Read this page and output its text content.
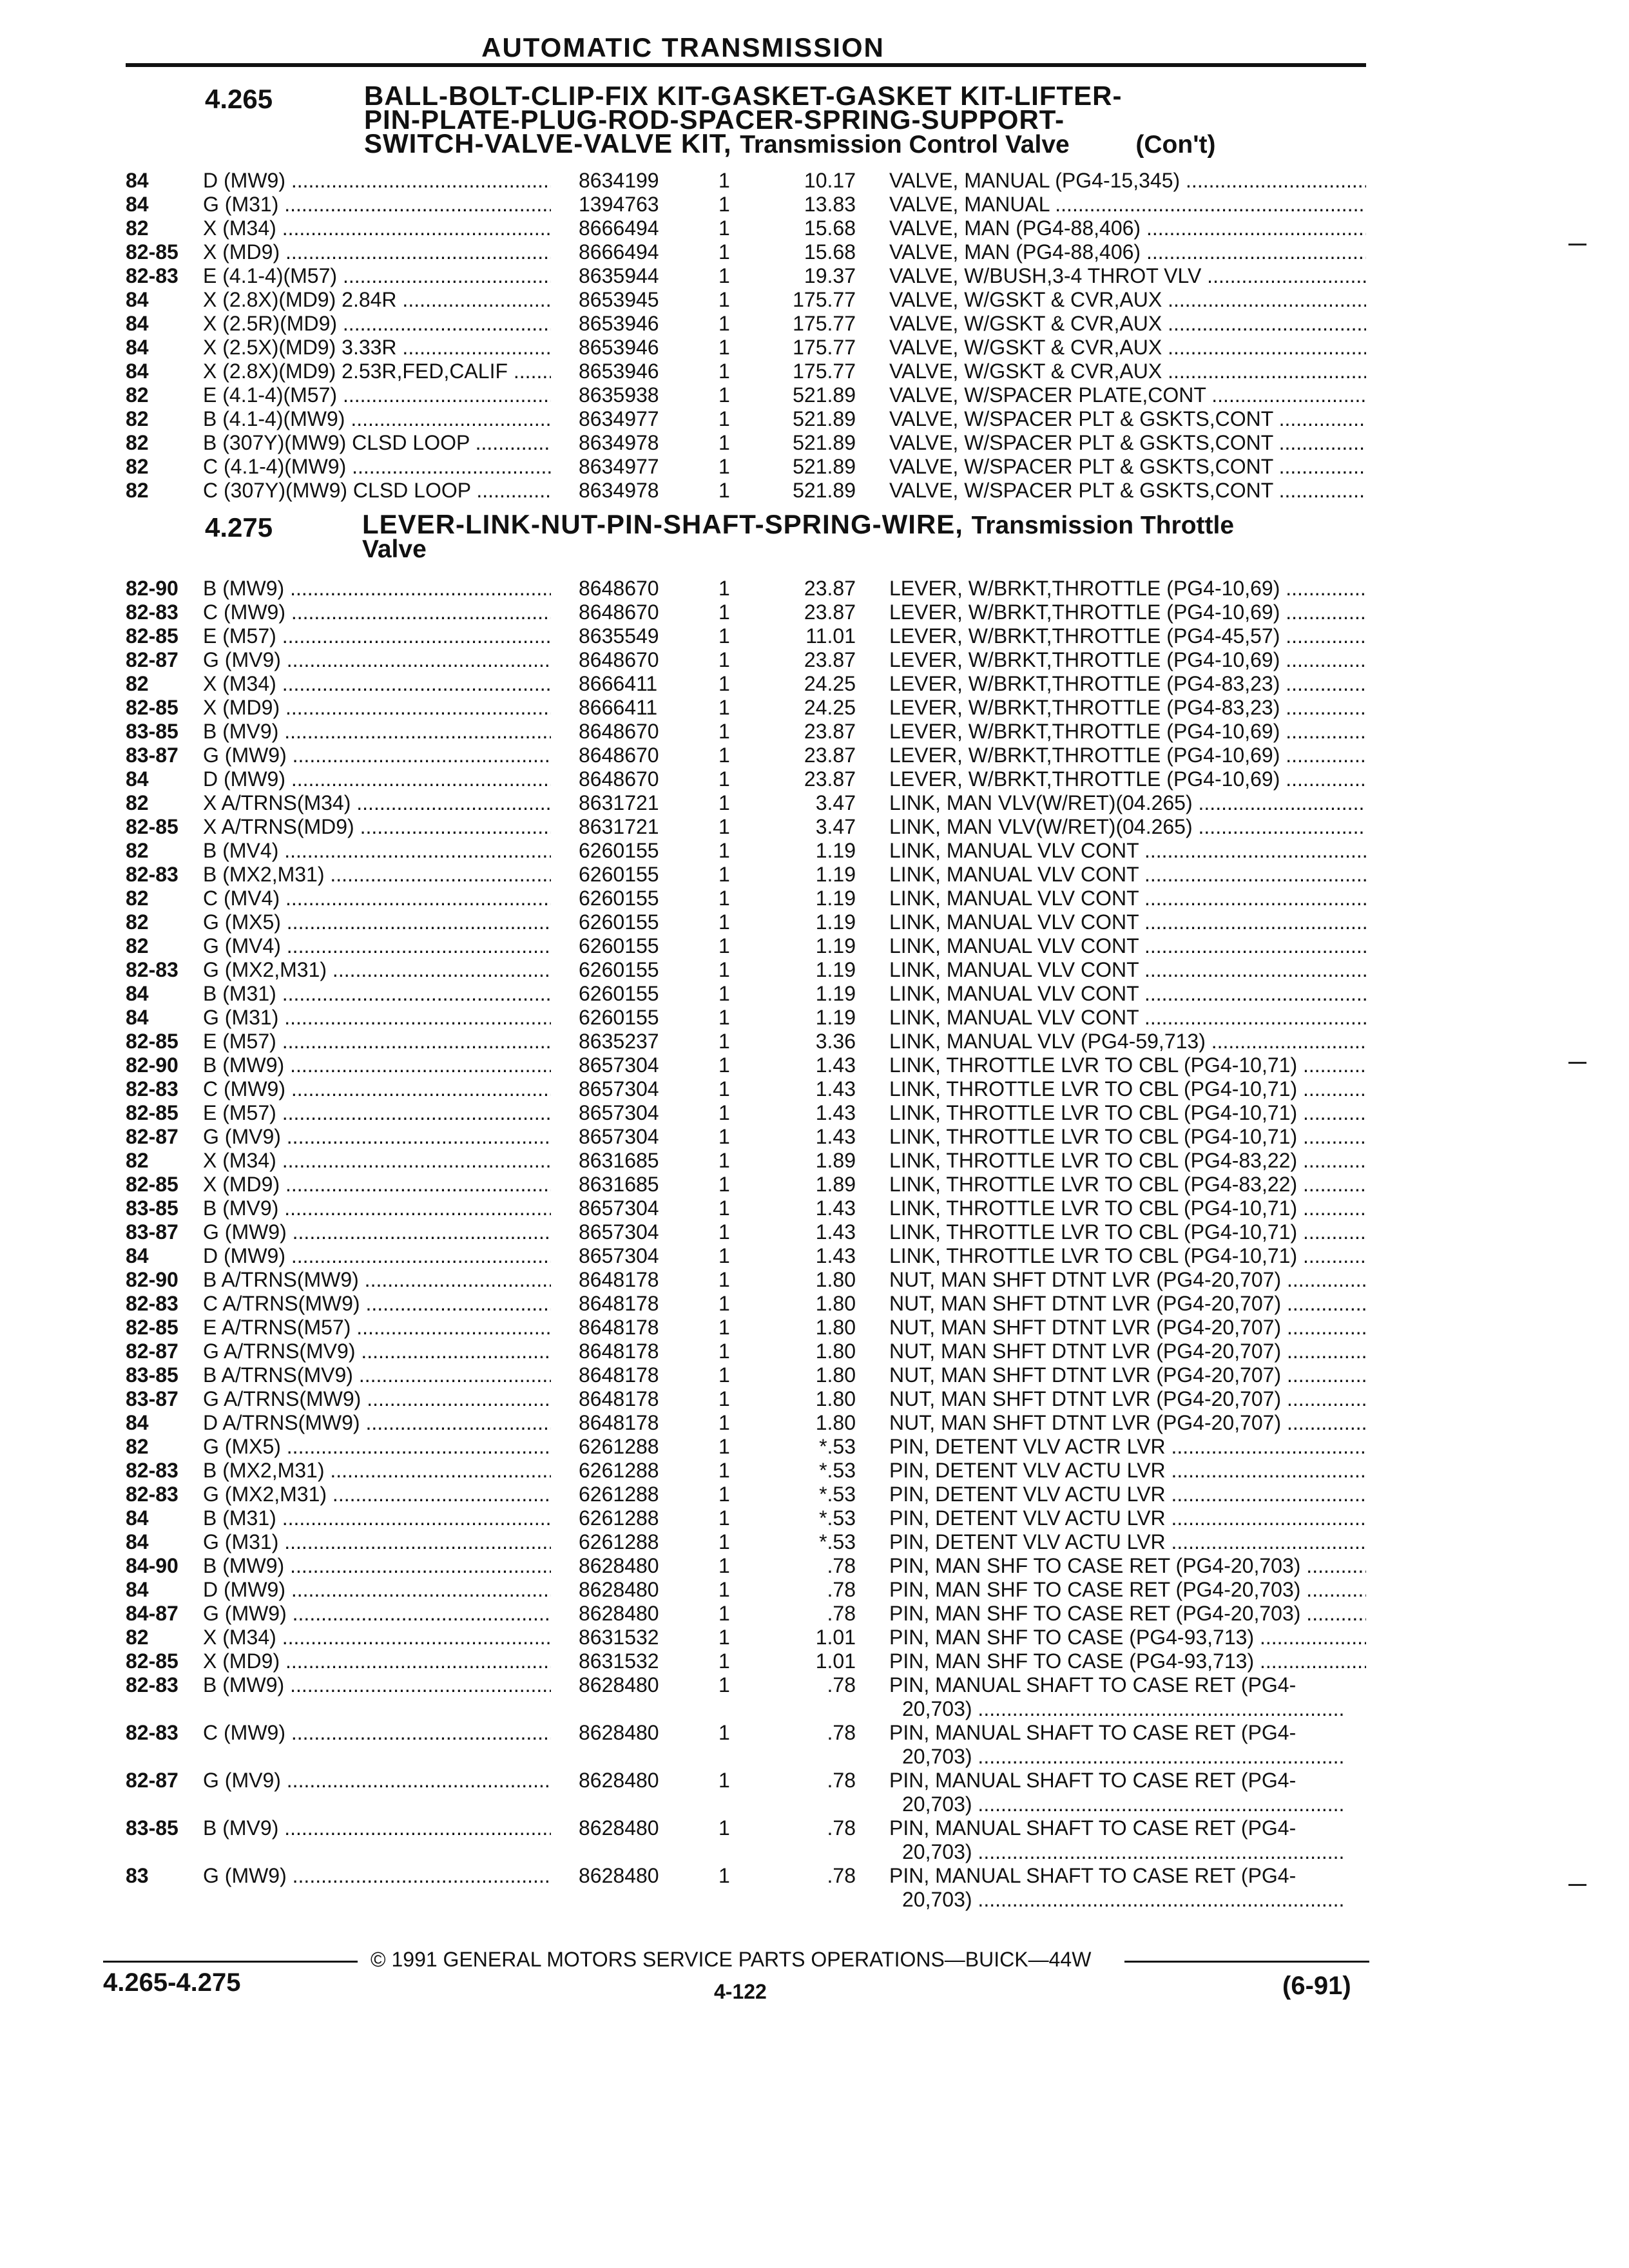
AUTOMATIC TRANSMISSION
4.265	BALL-BOLT-CLIP-FIX KIT-GASKET-GASKET KIT-LIFTER-
PIN-PLATE-PLUG-ROD-SPACER-SPRING-SUPPORT-
SWITCH-VALVE-VALVE KIT, Transmission Control Valve	(Con't)
84	D (MW9) .....	8634199	1	10.17 VALVE, MANUAL (PG4-15,345) .....
84	G (M31) .....	1394763	1	13.83 VALVE, MANUAL .....
82	X (M34) .....	8666494	1	15.68 VALVE, MAN (PG4-88,406) .....
82-85 X (MD9) .....	8666494	1	15.68 VALVE, MAN (PG4-88,406) .....
82-83 E (4.1-4)(M57) .....	8635944	1	19.37 VALVE, W/BUSH,3-4 THROT VLV .....
84	X (2.8X)(MD9) 2.84R .....	8653945	1	175.77 VALVE, W/GSKT & CVR,AUX .....
84	X (2.5R)(MD9) .....	8653946	1	175.77 VALVE, W/GSKT & CVR,AUX .....
84	X (2.5X)(MD9) 3.33R .....	8653946	1	175.77 VALVE, W/GSKT & CVR,AUX .....
84	X (2.8X)(MD9) 2.53R,FED,CALIF .....	8653946	1	175.77 VALVE, W/GSKT & CVR,AUX .....
82	E (4.1-4)(M57) .....	8635938	1	521.89 VALVE, W/SPACER PLATE,CONT .....
82	B (4.1-4)(MW9) .....	8634977	1	521.89 VALVE, W/SPACER PLT & GSKTS,CONT .....
82	B (307Y)(MW9) CLSD LOOP .....	8634978	1	521.89 VALVE, W/SPACER PLT & GSKTS,CONT .....
82	C (4.1-4)(MW9) .....	8634977	1	521.89 VALVE, W/SPACER PLT & GSKTS,CONT .....
82	C (307Y)(MW9) CLSD LOOP .....	8634978	1	521.89 VALVE, W/SPACER PLT & GSKTS,CONT .....
4.275	LEVER-LINK-NUT-PIN-SHAFT-SPRING-WIRE, Transmission Throttle
Valve
82-90 B (MW9) .....	8648670	1	23.87 LEVER, W/BRKT,THROTTLE (PG4-10,69) .....
82-83 C (MW9) .....	8648670	1	23.87 LEVER, W/BRKT,THROTTLE (PG4-10,69) .....
82-85 E (M57) .....	8635549	1	11.01 LEVER, W/BRKT,THROTTLE (PG4-45,57) .....
82-87 G (MV9) .....	8648670	1	23.87 LEVER, W/BRKT,THROTTLE (PG4-10,69) .....
82	X (M34) .....	8666411	1	24.25 LEVER, W/BRKT,THROTTLE (PG4-83,23) .....
82-85 X (MD9) .....	8666411	1	24.25 LEVER, W/BRKT,THROTTLE (PG4-83,23) .....
83-85 B (MV9) .....	8648670	1	23.87 LEVER, W/BRKT,THROTTLE (PG4-10,69) .....
83-87 G (MW9) .....	8648670	1	23.87 LEVER, W/BRKT,THROTTLE (PG4-10,69) .....
84	D (MW9) .....	8648670	1	23.87 LEVER, W/BRKT,THROTTLE (PG4-10,69) .....
82	X A/TRNS(M34) .....	8631721	1	3.47 LINK, MAN VLV(W/RET)(04.265) .....
82-85 X A/TRNS(MD9) .....	8631721	1	3.47 LINK, MAN VLV(W/RET)(04.265) .....
82	B (MV4) .....	6260155	1	1.19 LINK, MANUAL VLV CONT .....
82-83 B (MX2,M31) .....	6260155	1	1.19 LINK, MANUAL VLV CONT .....
82	C (MV4) .....	6260155	1	1.19 LINK, MANUAL VLV CONT .....
82	G (MX5) .....	6260155	1	1.19 LINK, MANUAL VLV CONT .....
82	G (MV4) .....	6260155	1	1.19 LINK, MANUAL VLV CONT .....
82-83 G (MX2,M31) .....	6260155	1	1.19 LINK, MANUAL VLV CONT .....
84	B (M31) .....	6260155	1	1.19 LINK, MANUAL VLV CONT .....
84	G (M31) .....	6260155	1	1.19 LINK, MANUAL VLV CONT .....
82-85 E (M57) .....	8635237	1	3.36 LINK, MANUAL VLV (PG4-59,713) .....
82-90 B (MW9) .....	8657304	1	1.43 LINK, THROTTLE LVR TO CBL (PG4-10,71) .....
82-83 C (MW9) .....	8657304	1	1.43 LINK, THROTTLE LVR TO CBL (PG4-10,71) .....
82-85 E (M57) .....	8657304	1	1.43 LINK, THROTTLE LVR TO CBL (PG4-10,71) .....
82-87 G (MV9) .....	8657304	1	1.43 LINK, THROTTLE LVR TO CBL (PG4-10,71) .....
82	X (M34) .....	8631685	1	1.89 LINK, THROTTLE LVR TO CBL (PG4-83,22) .....
82-85 X (MD9) .....	8631685	1	1.89 LINK, THROTTLE LVR TO CBL (PG4-83,22) .....
83-85 B (MV9) .....	8657304	1	1.43 LINK, THROTTLE LVR TO CBL (PG4-10,71) .....
83-87 G (MW9) .....	8657304	1	1.43 LINK, THROTTLE LVR TO CBL (PG4-10,71) .....
84	D (MW9) .....	8657304	1	1.43 LINK, THROTTLE LVR TO CBL (PG4-10,71) .....
82-90 B A/TRNS(MW9) .....	8648178	1	1.80 NUT, MAN SHFT DTNT LVR (PG4-20,707) .....
82-83 C A/TRNS(MW9) .....	8648178	1	1.80 NUT, MAN SHFT DTNT LVR (PG4-20,707) .....
82-85 E A/TRNS(M57) .....	8648178	1	1.80 NUT, MAN SHFT DTNT LVR (PG4-20,707) .....
82-87 G A/TRNS(MV9) .....	8648178	1	1.80 NUT, MAN SHFT DTNT LVR (PG4-20,707) .....
83-85 B A/TRNS(MV9) .....	8648178	1	1.80 NUT, MAN SHFT DTNT LVR (PG4-20,707) .....
83-87 G A/TRNS(MW9) .....	8648178	1	1.80 NUT, MAN SHFT DTNT LVR (PG4-20,707) .....
84	D A/TRNS(MW9) .....	8648178	1	1.80 NUT, MAN SHFT DTNT LVR (PG4-20,707) .....
82	G (MX5) .....	6261288	1	*.53 PIN, DETENT VLV ACTR LVR .....
82-83 B (MX2,M31) .....	6261288	1	*.53 PIN, DETENT VLV ACTU LVR .....
82-83 G (MX2,M31) .....	6261288	1	*.53 PIN, DETENT VLV ACTU LVR .....
84	B (M31) .....	6261288	1	*.53 PIN, DETENT VLV ACTU LVR .....
84	G (M31) .....	6261288	1	*.53 PIN, DETENT VLV ACTU LVR .....
84-90 B (MW9) .....	8628480	1	.78 PIN, MAN SHF TO CASE RET (PG4-20,703) .....
84	D (MW9) .....	8628480	1	.78 PIN, MAN SHF TO CASE RET (PG4-20,703) .....
84-87 G (MW9) .....	8628480	1	.78 PIN, MAN SHF TO CASE RET (PG4-20,703) .....
82	X (M34) .....	8631532	1	1.01 PIN, MAN SHF TO CASE (PG4-93,713) .....
82-85 X (MD9) .....	8631532	1	1.01 PIN, MAN SHF TO CASE (PG4-93,713) .....
82-83 B (MW9) .....	8628480	1	.78 PIN, MANUAL SHAFT TO CASE RET (PG4-
20,703) .....
82-83 C (MW9) .....	8628480	1	.78 PIN, MANUAL SHAFT TO CASE RET (PG4-
20,703) .....
82-87 G (MV9) .....	8628480	1	.78 PIN, MANUAL SHAFT TO CASE RET (PG4-
20,703) .....
83-85 B (MV9) .....	8628480	1	.78 PIN, MANUAL SHAFT TO CASE RET (PG4-
20,703) .....
83	G (MW9) .....	8628480	1	.78 PIN, MANUAL SHAFT TO CASE RET (PG4-
20,703) .....
© 1991 GENERAL MOTORS SERVICE PARTS OPERATIONS—BUICK—44W
4.265-4.275	4-122	(6-91)
